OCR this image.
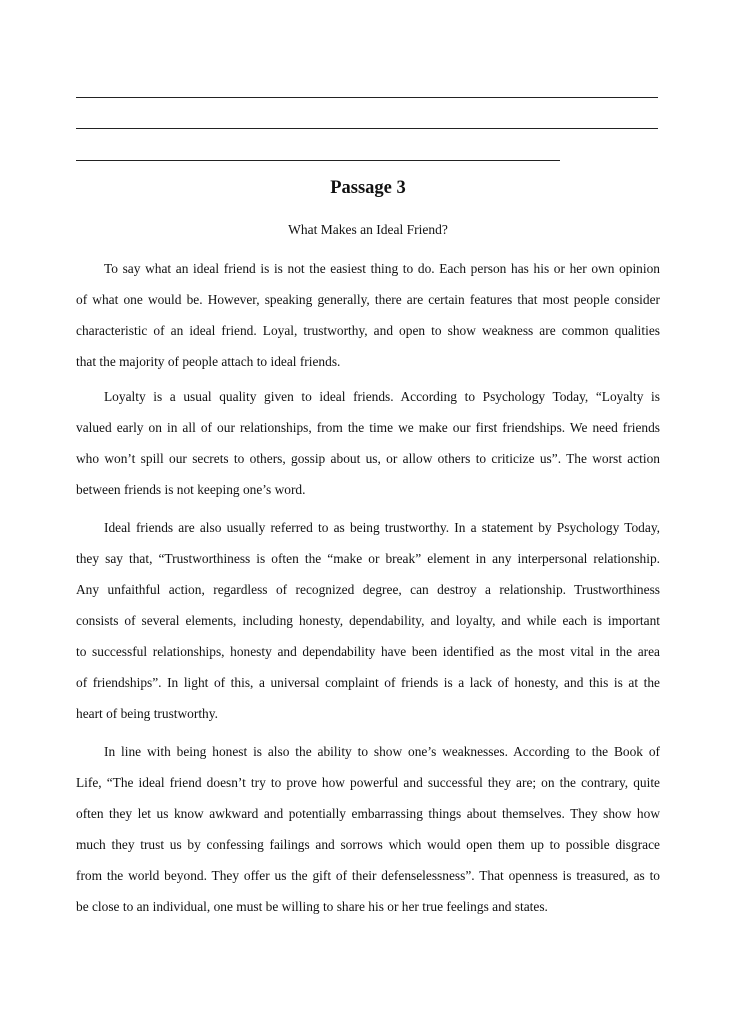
Passage 3

What Makes an Ideal Friend?

To say what an ideal friend is is not the easiest thing to do. Each person has his or her own opinion
of what one would be. However, speaking generally, there are certain features that most people consider
characteristic of an ideal friend. Loyal, trustworthy, and open to show weakness are common qualities
that the majority of people attach to ideal friends.
Loyalty is a usual quality given to ideal friends. According to Psychology Today, “Loyalty is
valued early on in all of our relationships, from the time we make our first friendships. We need friends
who won’t spill our secrets to others, gossip about us, or allow others to criticize us”. The worst action
between friends is not keeping one’s word.
Ideal friends are also usually referred to as being trustworthy. In a statement by Psychology Today,
they say that, “Trustworthiness is often the “make or break” element in any interpersonal relationship.
Any unfaithful action, regardless of recognized degree, can destroy a relationship. Trustworthiness
consists of several elements, including honesty, dependability, and loyalty, and while each is important
to successful relationships, honesty and dependability have been identified as the most vital in the area
of friendships”. In light of this, a universal complaint of friends is a lack of honesty, and this is at the
heart of being trustworthy.
In line with being honest is also the ability to show one’s weaknesses. According to the Book of
Life, “The ideal friend doesn’t try to prove how powerful and successful they are; on the contrary, quite
often they let us know awkward and potentially embarrassing things about themselves. They show how
much they trust us by confessing failings and sorrows which would open them up to possible disgrace
from the world beyond. They offer us the gift of their defenselessness”. That openness is treasured, as to
be close to an individual, one must be willing to share his or her true feelings and states.
